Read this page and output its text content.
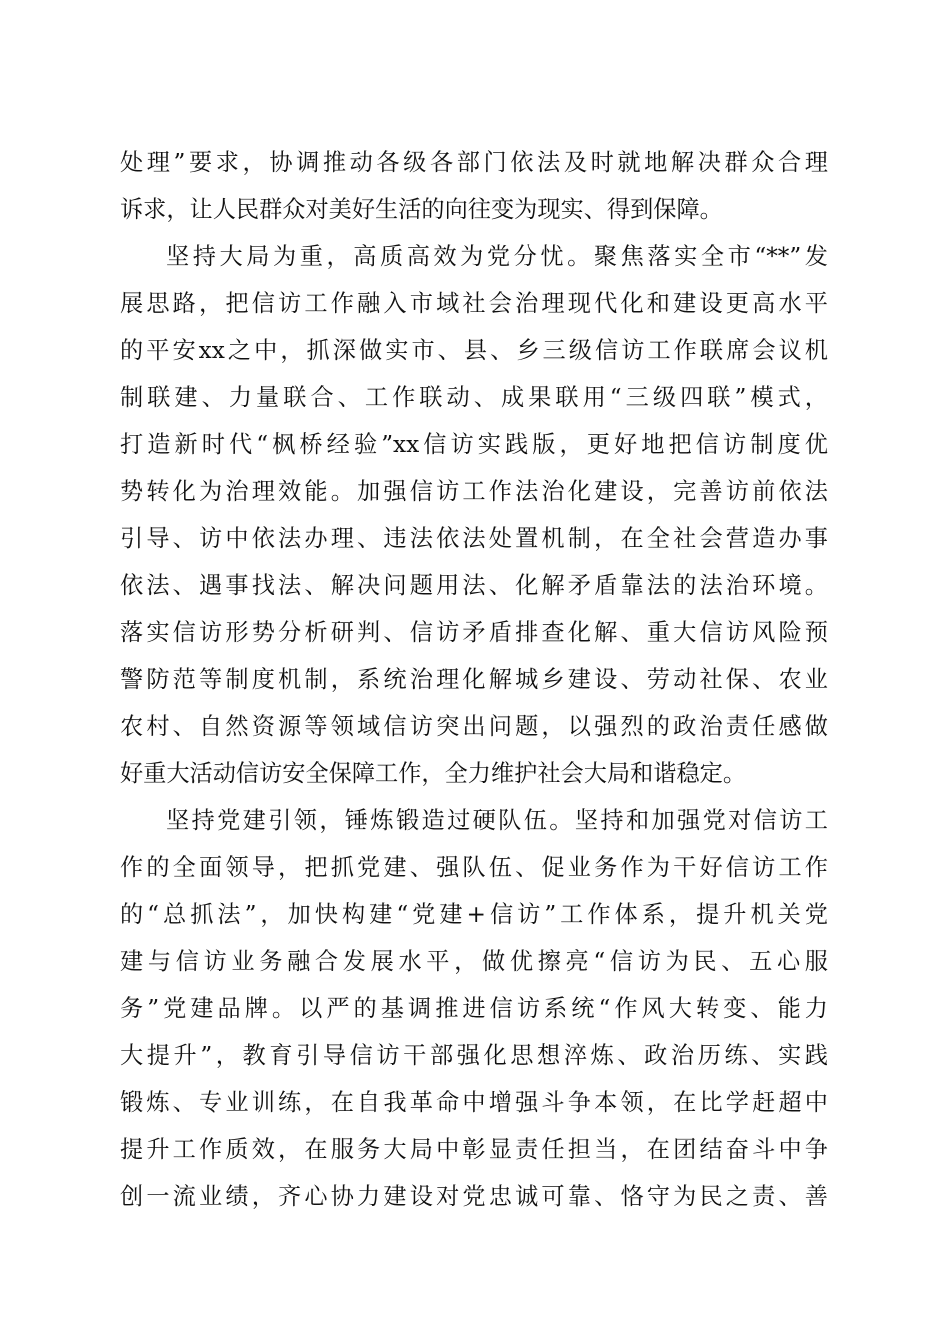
处理”要求，协调推动各级各部门依法及时就地解决群众合理

诉求，让人民群众对美好生活的向往变为现实、得到保障。

坚持大局为重，高质高效为党分忧。聚焦落实全市“**”发

展思路，把信访工作融入市域社会治理现代化和建设更高水平

的平安xx之中，抓深做实市、县、乡三级信访工作联席会议机

制联建、力量联合、工作联动、成果联用“三级四联”模式，

打造新时代“枫桥经验”xx信访实践版，更好地把信访制度优

势转化为治理效能。加强信访工作法治化建设，完善访前依法

引导、访中依法办理、违法依法处置机制，在全社会营造办事

依法、遇事找法、解决问题用法、化解矛盾靠法的法治环境。

落实信访形势分析研判、信访矛盾排查化解、重大信访风险预

警防范等制度机制，系统治理化解城乡建设、劳动社保、农业

农村、自然资源等领域信访突出问题，以强烈的政治责任感做

好重大活动信访安全保障工作，全力维护社会大局和谐稳定。

坚持党建引领，锤炼锻造过硬队伍。坚持和加强党对信访工

作的全面领导，把抓党建、强队伍、促业务作为干好信访工作

的“总抓法”，加快构建“党建+信访”工作体系，提升机关党

建与信访业务融合发展水平，做优擦亮“信访为民、五心服

务”党建品牌。以严的基调推进信访系统“作风大转变、能力

大提升”，教育引导信访干部强化思想淬炼、政治历练、实践

锻炼、专业训练，在自我革命中增强斗争本领，在比学赶超中

提升工作质效，在服务大局中彰显责任担当，在团结奋斗中争

创一流业绩，齐心协力建设对党忠诚可靠、恪守为民之责、善
